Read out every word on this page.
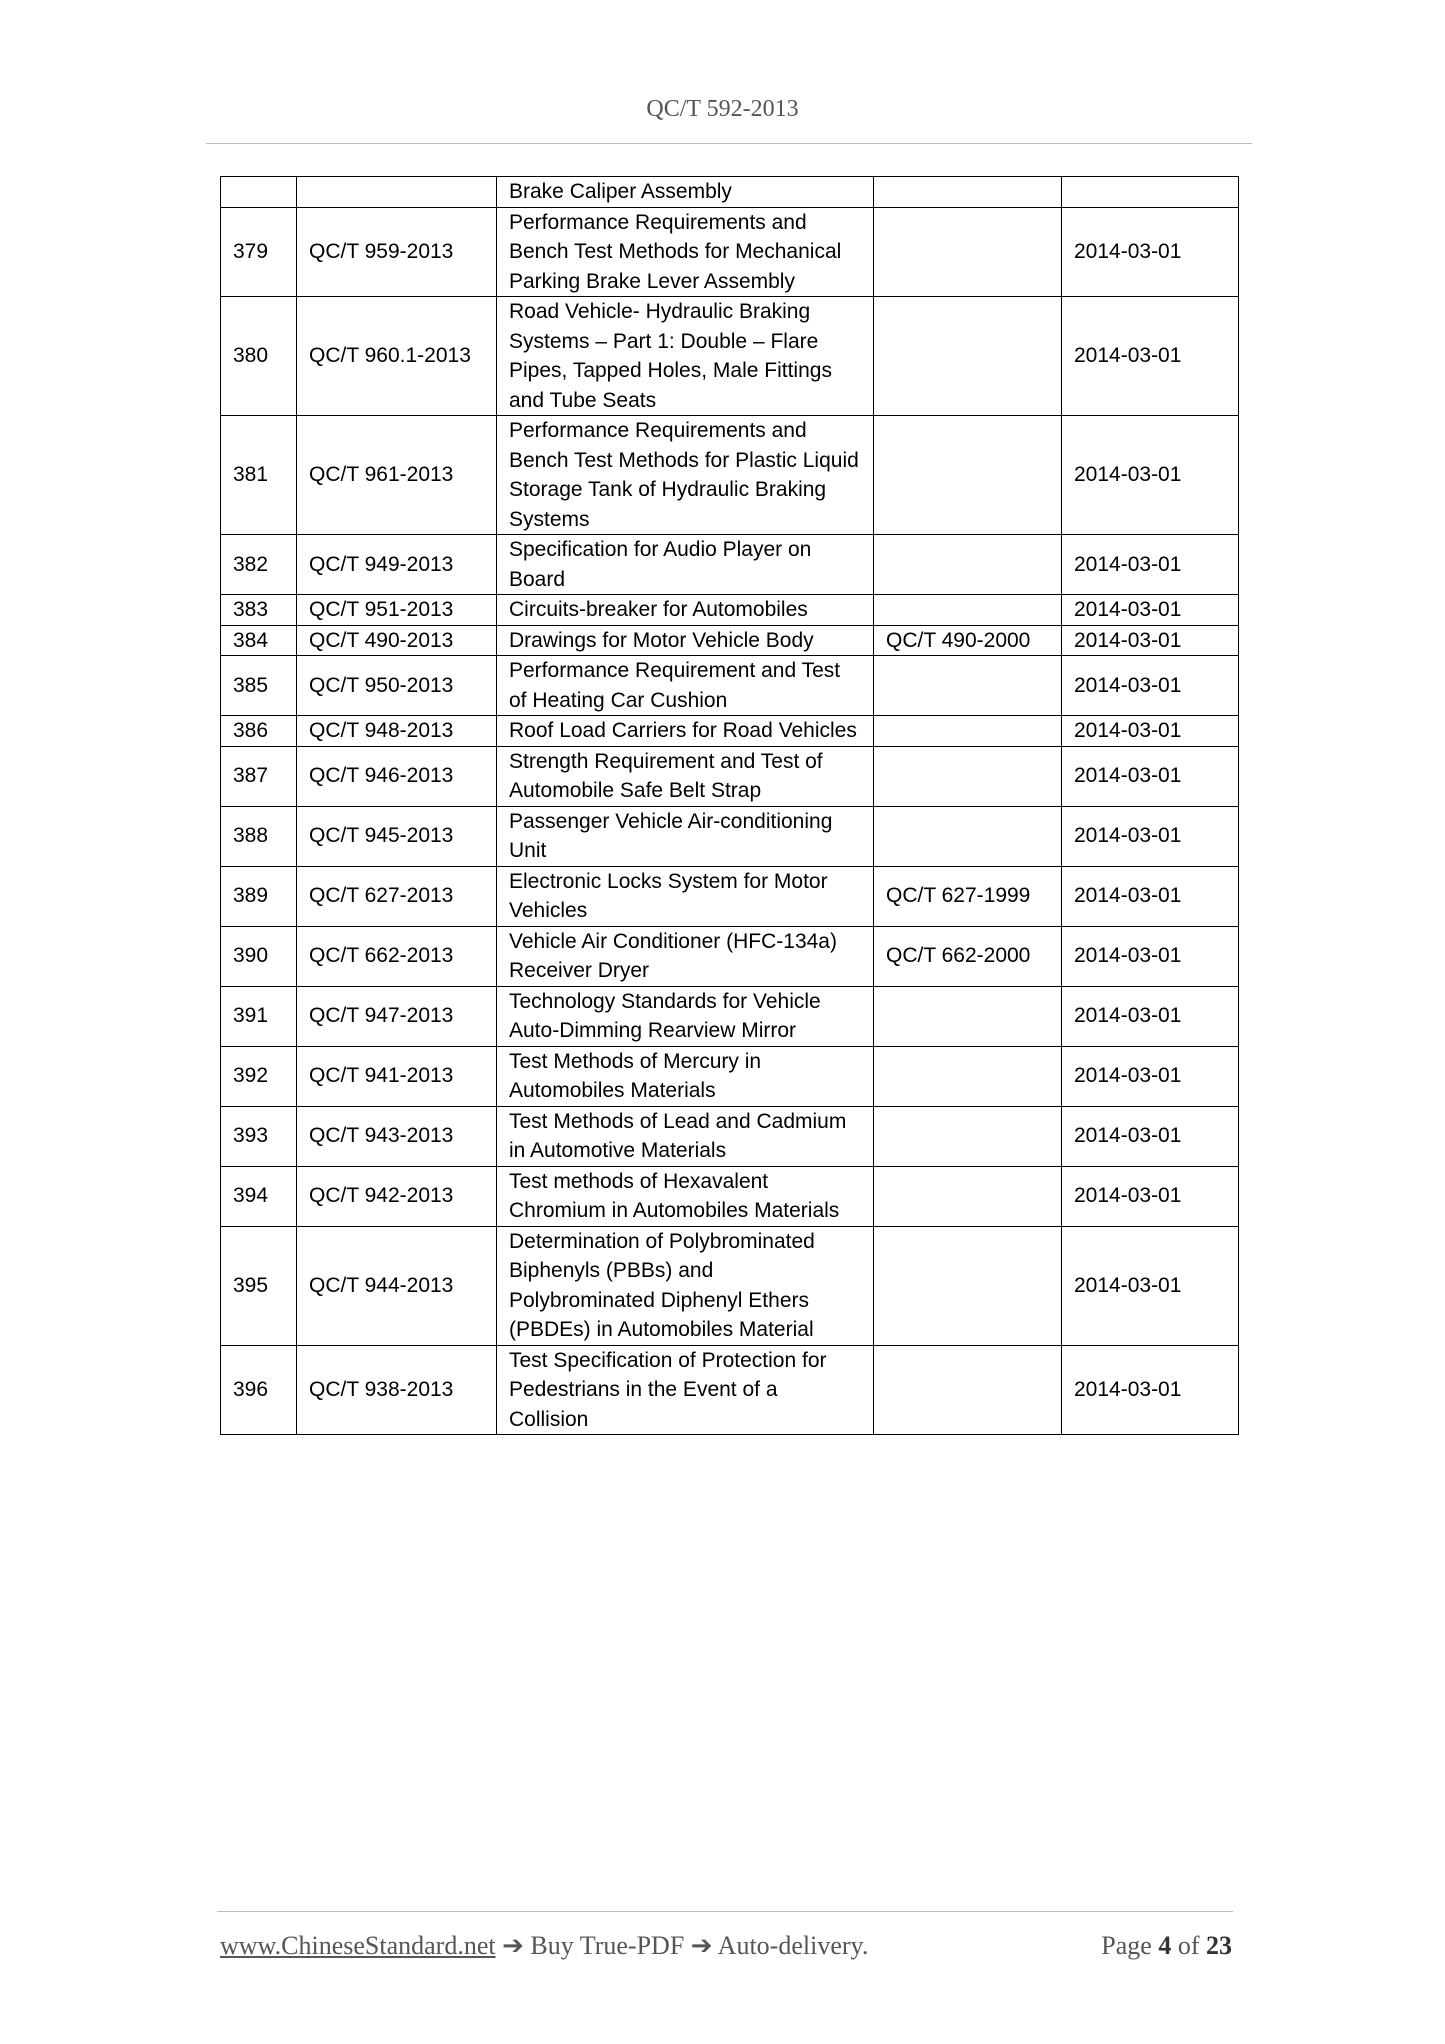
QC/T 592-2013
		Brake Caliper Assembly		
379	QC/T 959-2013	Performance Requirements and Bench Test Methods for Mechanical Parking Brake Lever Assembly		2014-03-01
380	QC/T 960.1-2013	Road Vehicle- Hydraulic Braking Systems – Part 1: Double – Flare Pipes, Tapped Holes, Male Fittings and Tube Seats		2014-03-01
381	QC/T 961-2013	Performance Requirements and Bench Test Methods for Plastic Liquid Storage Tank of Hydraulic Braking Systems		2014-03-01
382	QC/T 949-2013	Specification for Audio Player on Board		2014-03-01
383	QC/T 951-2013	Circuits-breaker for Automobiles		2014-03-01
384	QC/T 490-2013	Drawings for Motor Vehicle Body	QC/T 490-2000	2014-03-01
385	QC/T 950-2013	Performance Requirement and Test of Heating Car Cushion		2014-03-01
386	QC/T 948-2013	Roof Load Carriers for Road Vehicles		2014-03-01
387	QC/T 946-2013	Strength Requirement and Test of Automobile Safe Belt Strap		2014-03-01
388	QC/T 945-2013	Passenger Vehicle Air-conditioning Unit		2014-03-01
389	QC/T 627-2013	Electronic Locks System for Motor Vehicles	QC/T 627-1999	2014-03-01
390	QC/T 662-2013	Vehicle Air Conditioner (HFC-134a) Receiver Dryer	QC/T 662-2000	2014-03-01
391	QC/T 947-2013	Technology Standards for Vehicle Auto-Dimming Rearview Mirror		2014-03-01
392	QC/T 941-2013	Test Methods of Mercury in Automobiles Materials		2014-03-01
393	QC/T 943-2013	Test Methods of Lead and Cadmium in Automotive Materials		2014-03-01
394	QC/T 942-2013	Test methods of Hexavalent Chromium in Automobiles Materials		2014-03-01
395	QC/T 944-2013	Determination of Polybrominated Biphenyls (PBBs) and Polybrominated Diphenyl Ethers (PBDEs) in Automobiles Material		2014-03-01
396	QC/T 938-2013	Test Specification of Protection for Pedestrians in the Event of a Collision		2014-03-01
www.ChineseStandard.net ➔ Buy True-PDF ➔ Auto-delivery.	Page 4 of 23
